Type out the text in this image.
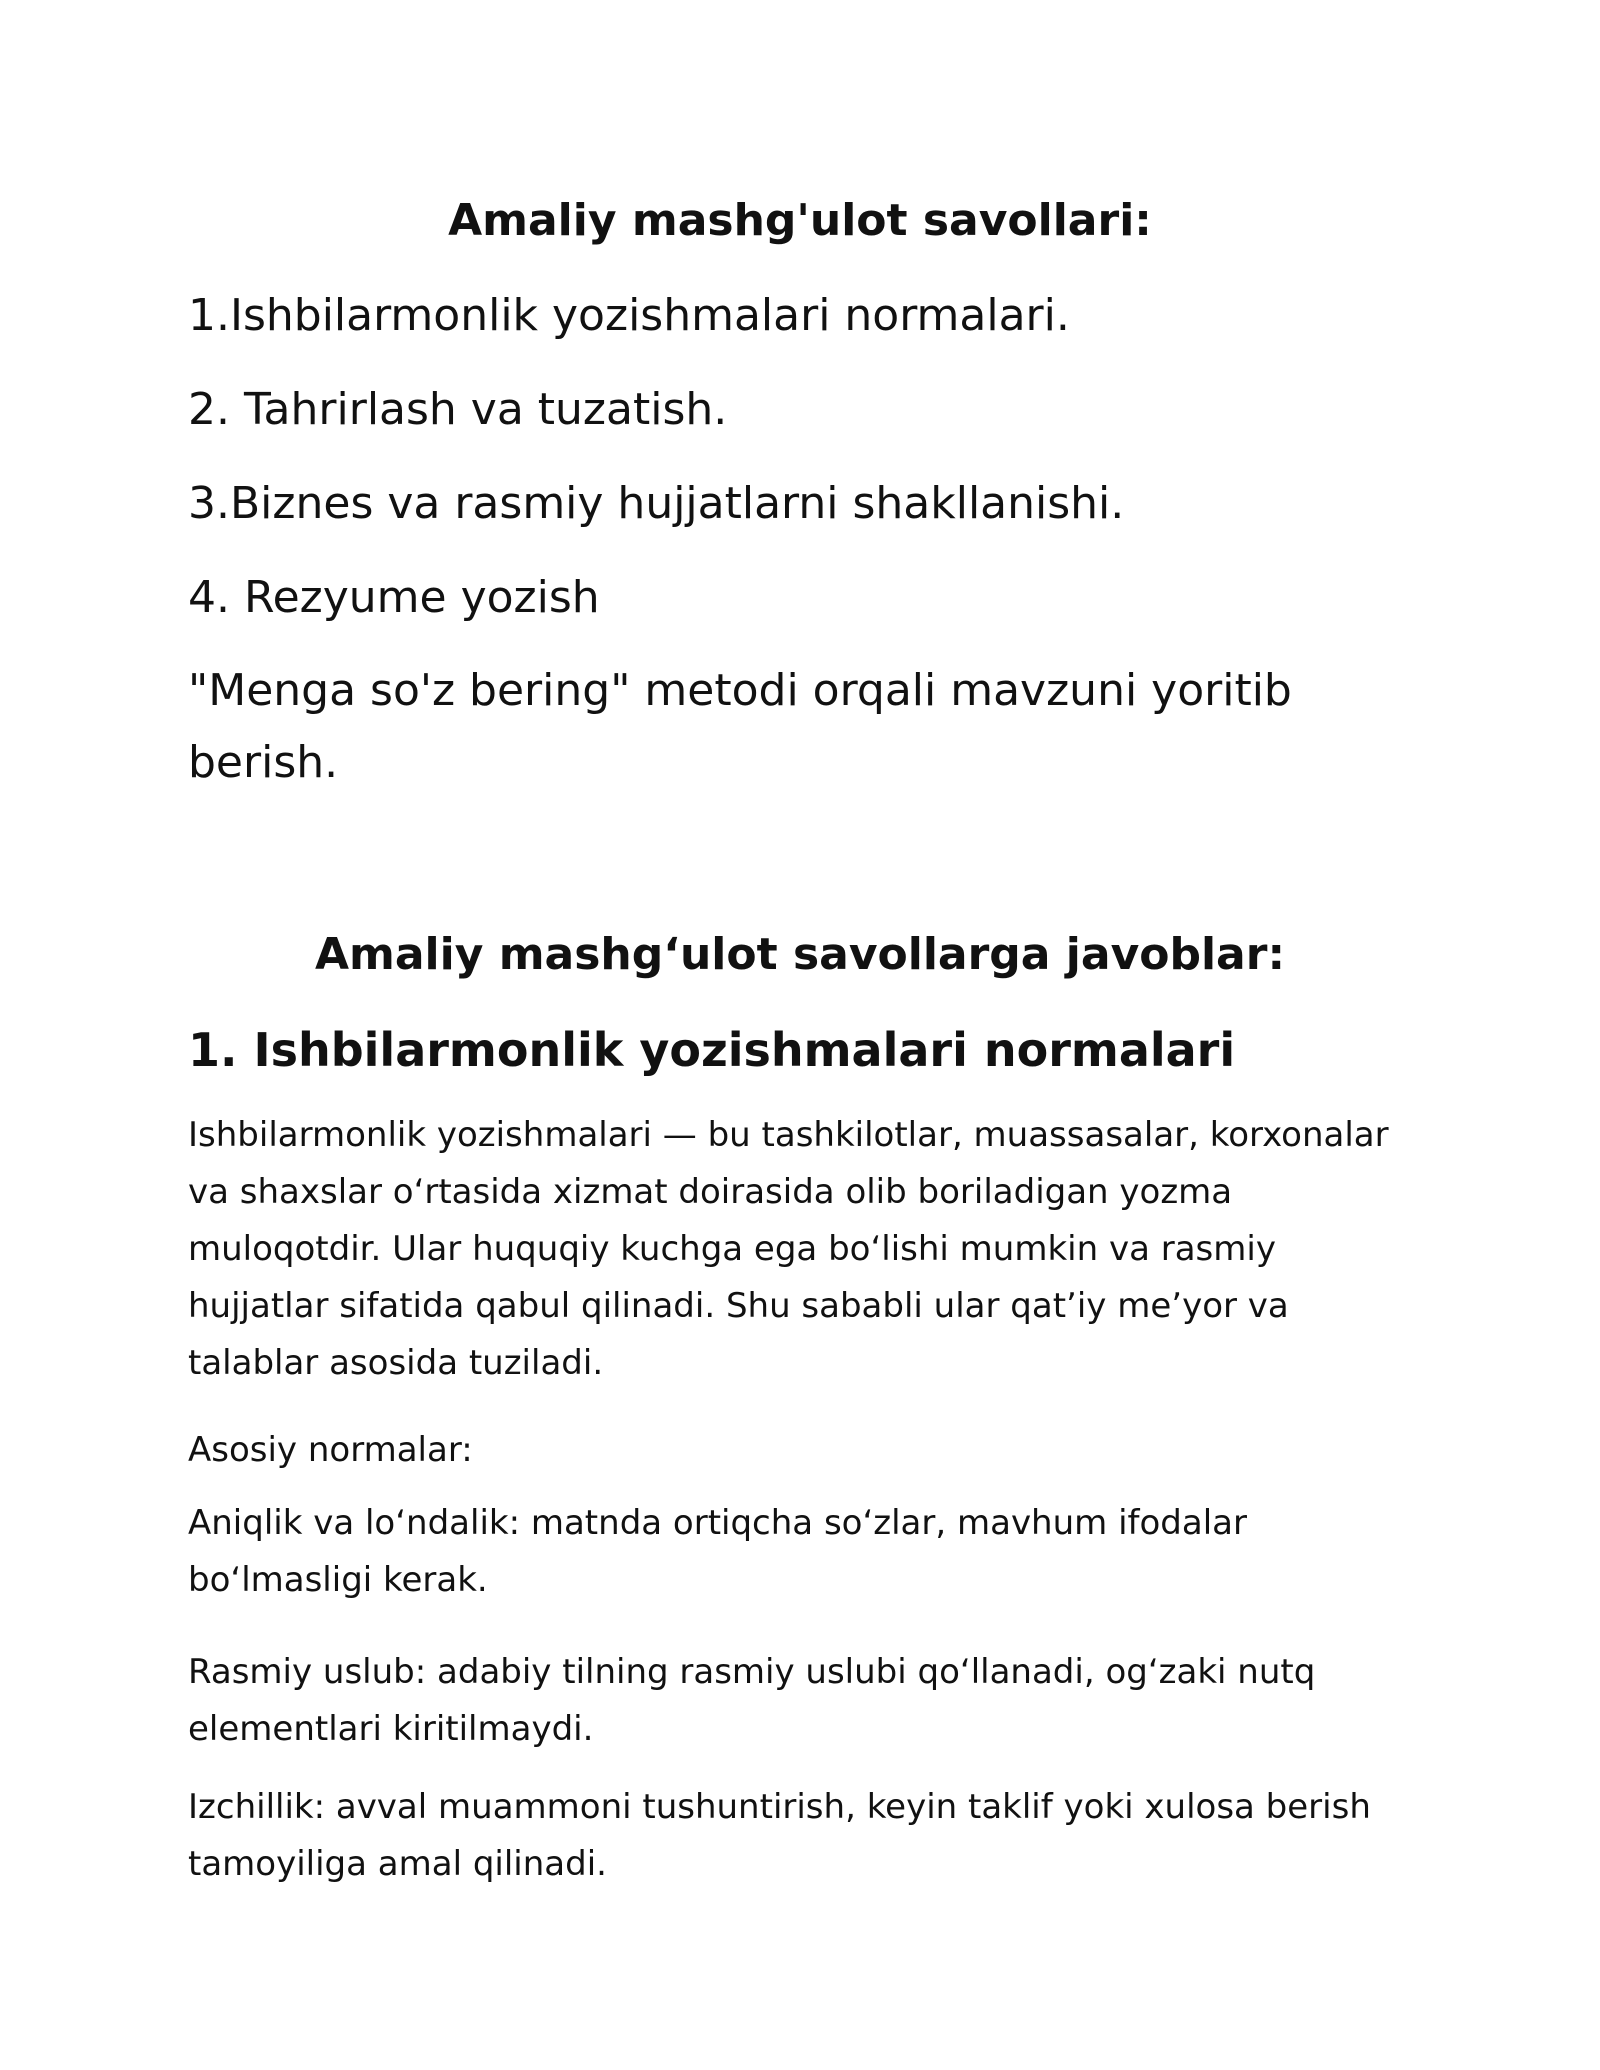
Amaliy mashg'ulot savollari:
1.Ishbilarmonlik yozishmalari normalari.
2. Tahrirlash va tuzatish.
3.Biznes va rasmiy hujjatlarni shakllanishi.
4. Rezyume yozish
"Menga so'z bering" metodi orqali mavzuni yoritib berish.
Amaliy mashg‘ulot savollarga javoblar:
1. Ishbilarmonlik yozishmalari normalari
Ishbilarmonlik yozishmalari — bu tashkilotlar, muassasalar, korxonalar va shaxslar o‘rtasida xizmat doirasida olib boriladigan yozma muloqotdir. Ular huquqiy kuchga ega bo‘lishi mumkin va rasmiy hujjatlar sifatida qabul qilinadi. Shu sababli ular qat’iy me’yor va talablar asosida tuziladi.
Asosiy normalar:
Aniqlik va lo‘ndalik: matnda ortiqcha so‘zlar, mavhum ifodalar bo‘lmasligi kerak.
Rasmiy uslub: adabiy tilning rasmiy uslubi qo‘llanadi, og‘zaki nutq elementlari kiritilmaydi.
Izchillik: avval muammoni tushuntirish, keyin taklif yoki xulosa berish tamoyiliga amal qilinadi.
